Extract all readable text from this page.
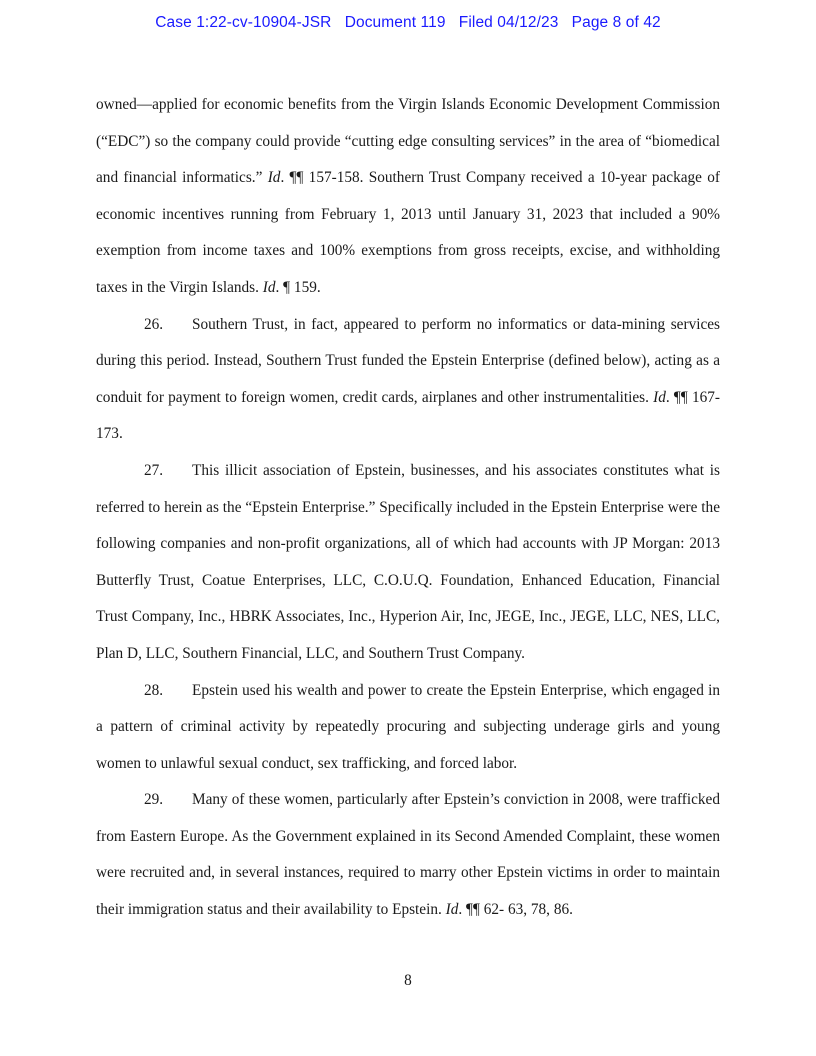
Case 1:22-cv-10904-JSR Document 119 Filed 04/12/23 Page 8 of 42

owned—applied for economic benefits from the Virgin Islands Economic Development Commission (“EDC”) so the company could provide “cutting edge consulting services” in the area of “biomedical and financial informatics.” Id. ¶¶ 157-158. Southern Trust Company received a 10-year package of economic incentives running from February 1, 2013 until January 31, 2023 that included a 90% exemption from income taxes and 100% exemptions from gross receipts, excise, and withholding taxes in the Virgin Islands. Id. ¶ 159.

26. Southern Trust, in fact, appeared to perform no informatics or data-mining services during this period. Instead, Southern Trust funded the Epstein Enterprise (defined below), acting as a conduit for payment to foreign women, credit cards, airplanes and other instrumentalities. Id. ¶¶ 167-173.

27. This illicit association of Epstein, businesses, and his associates constitutes what is referred to herein as the “Epstein Enterprise.” Specifically included in the Epstein Enterprise were the following companies and non-profit organizations, all of which had accounts with JP Morgan: 2013 Butterfly Trust, Coatue Enterprises, LLC, C.O.U.Q. Foundation, Enhanced Education, Financial Trust Company, Inc., HBRK Associates, Inc., Hyperion Air, Inc, JEGE, Inc., JEGE, LLC, NES, LLC, Plan D, LLC, Southern Financial, LLC, and Southern Trust Company.

28. Epstein used his wealth and power to create the Epstein Enterprise, which engaged in a pattern of criminal activity by repeatedly procuring and subjecting underage girls and young women to unlawful sexual conduct, sex trafficking, and forced labor.

29. Many of these women, particularly after Epstein’s conviction in 2008, were trafficked from Eastern Europe. As the Government explained in its Second Amended Complaint, these women were recruited and, in several instances, required to marry other Epstein victims in order to maintain their immigration status and their availability to Epstein. Id. ¶¶ 62- 63, 78, 86.

8
